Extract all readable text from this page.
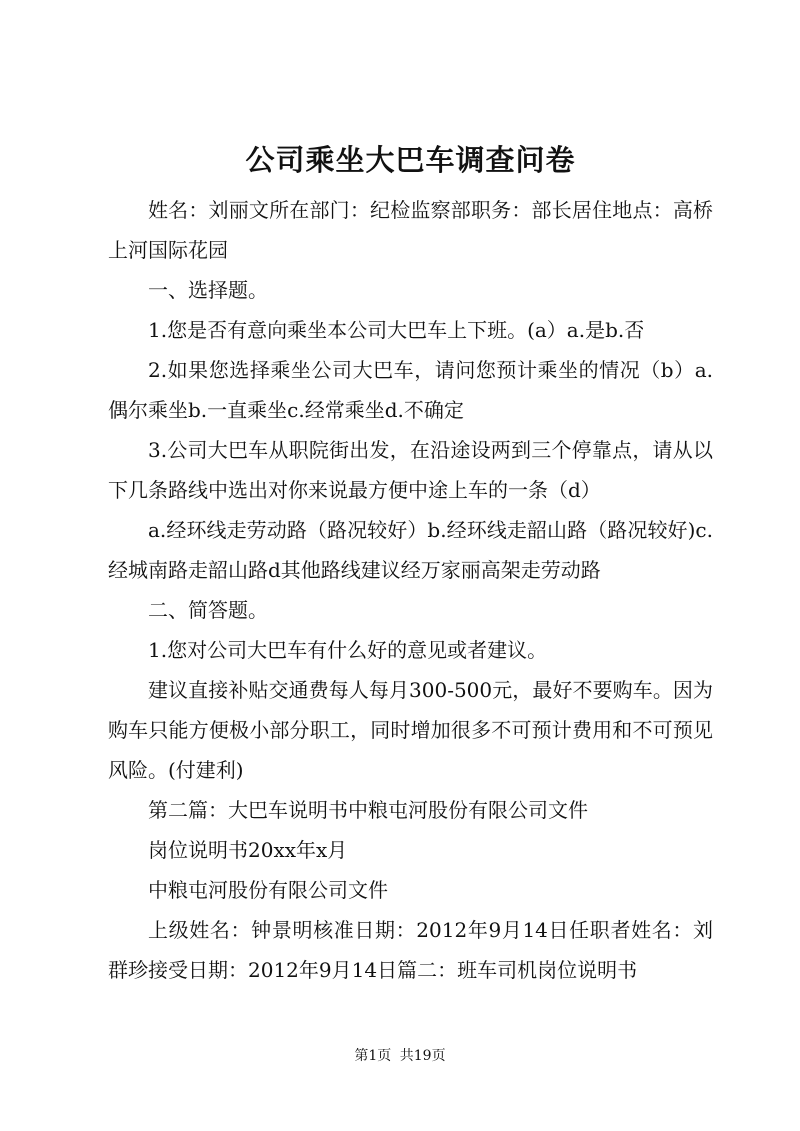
公司乘坐大巴车调查问卷

姓名：刘丽文所在部门：纪检监察部职务：部长居住地点：高桥上河国际花园

一、选择题。

1.您是否有意向乘坐本公司大巴车上下班。(a）a.是b.否

2.如果您选择乘坐公司大巴车，请问您预计乘坐的情况（b）a.偶尔乘坐b.一直乘坐c.经常乘坐d.不确定

3.公司大巴车从职院街出发，在沿途设两到三个停靠点，请从以下几条路线中选出对你来说最方便中途上车的一条（d）

a.经环线走劳动路（路况较好）b.经环线走韶山路（路况较好)c.经城南路走韶山路d其他路线建议经万家丽高架走劳动路

二、简答题。

1.您对公司大巴车有什么好的意见或者建议。

建议直接补贴交通费每人每月300-500元，最好不要购车。因为购车只能方便极小部分职工，同时增加很多不可预计费用和不可预见风险。(付建利)

第二篇：大巴车说明书中粮屯河股份有限公司文件

岗位说明书20xx年x月

中粮屯河股份有限公司文件

上级姓名：钟景明核准日期：2012年9月14日任职者姓名：刘群珍接受日期：2012年9月14日篇二：班车司机岗位说明书

第1页 共19页
